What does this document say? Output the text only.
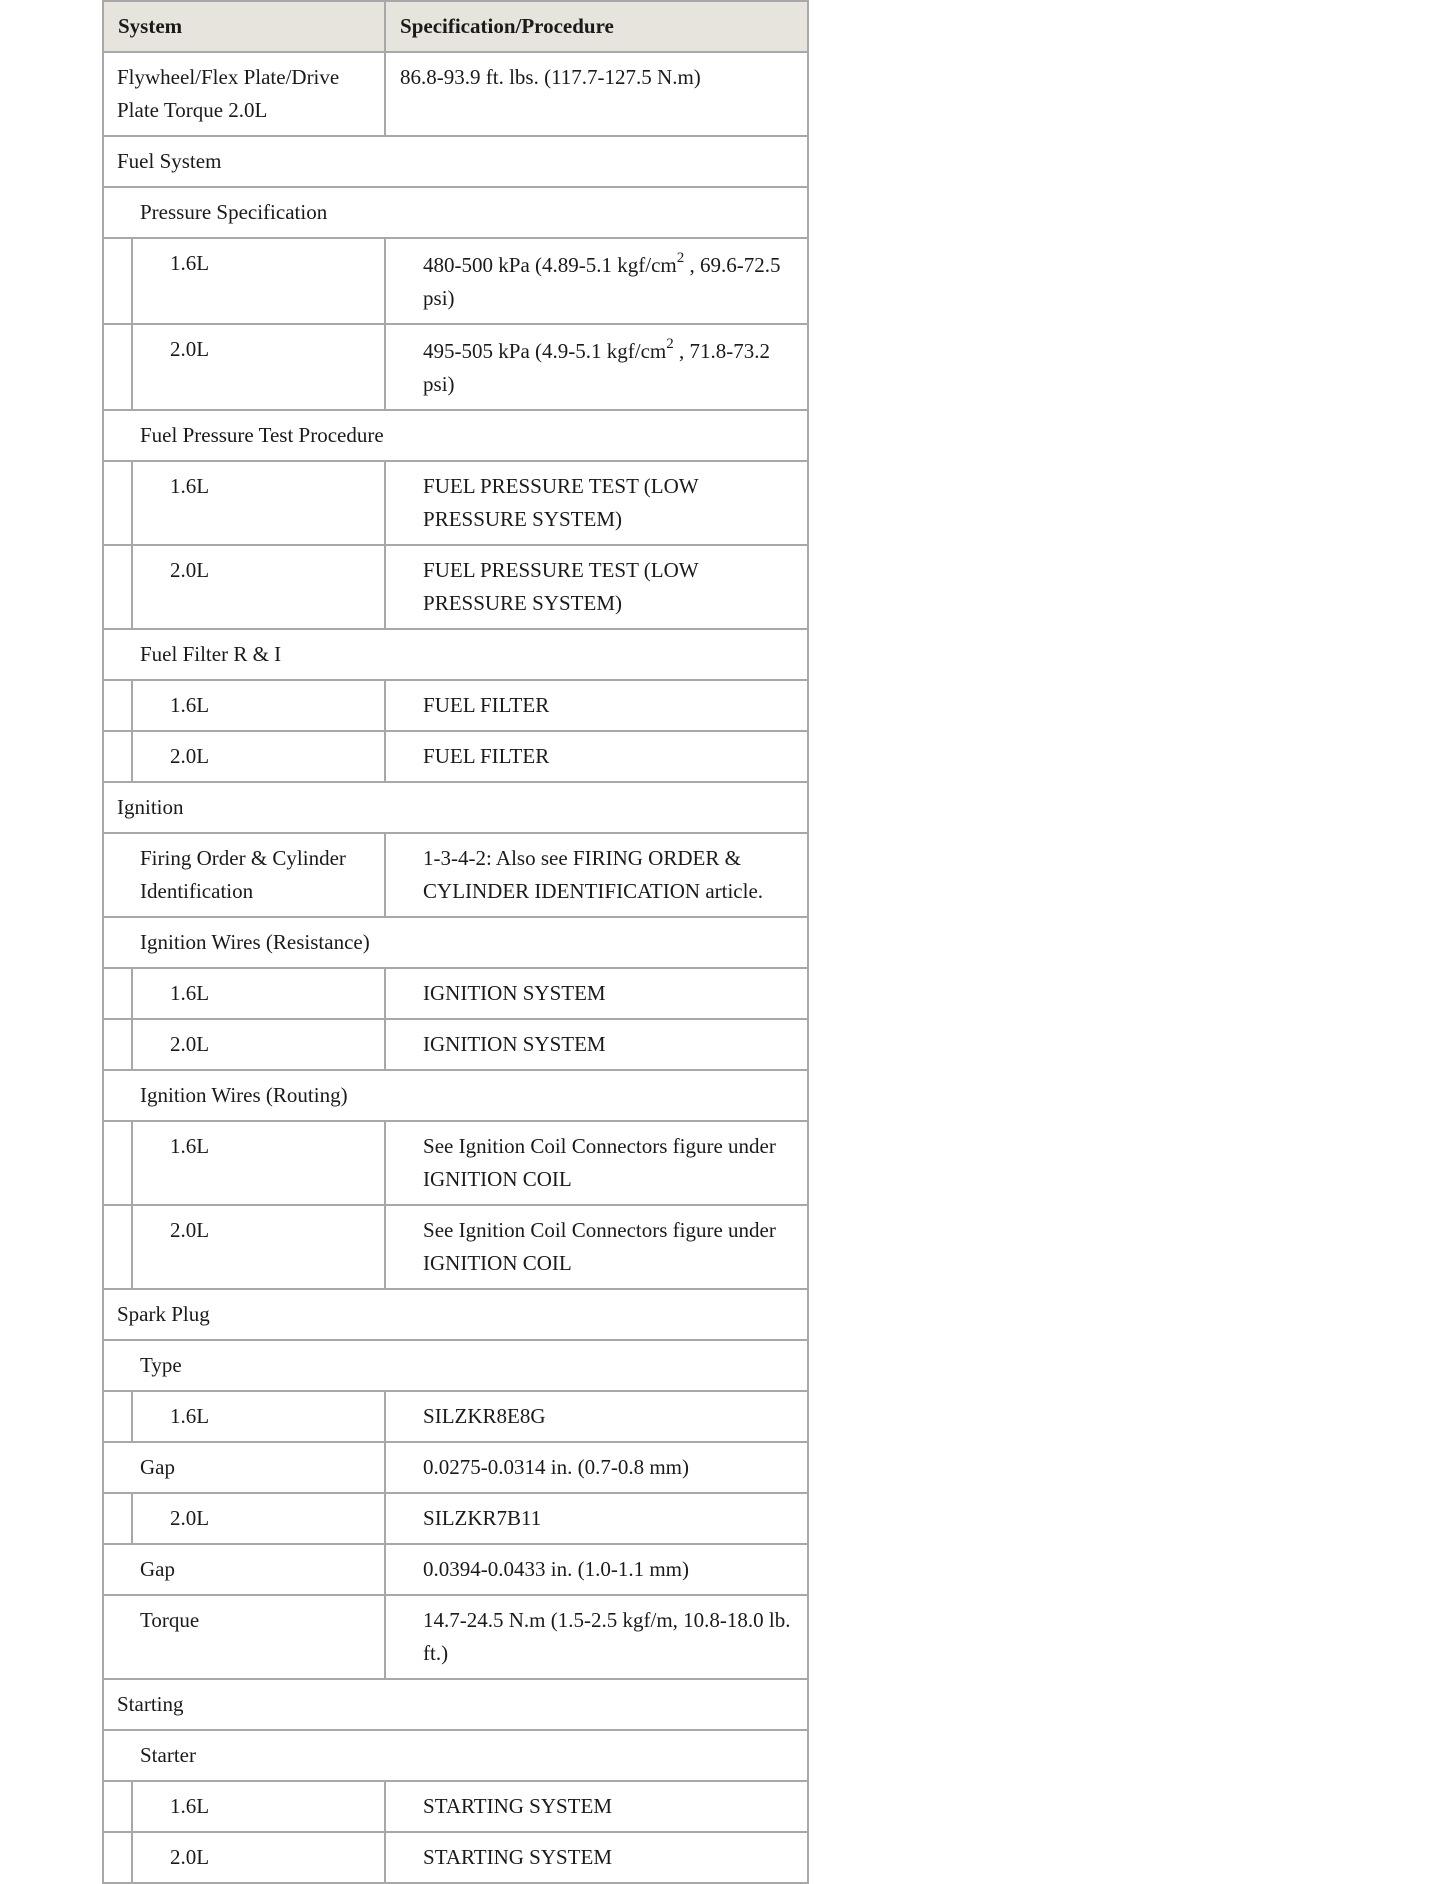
System		Specification/Procedure

Flywheel/Flex Plate/Drive Plate Torque 2.0L		86.8-93.9 ft. lbs. (117.7-127.5 N.m)

Fuel System		

Pressure Specification		

	1.6L	480-500 kPa (4.89-5.1 kgf/$cm^2$ , 69.6-72.5 psi)

	2.0L	495-505 kPa (4.9-5.1 kgf/$cm^2$ , 71.8-73.2 psi)

Fuel Pressure Test Procedure		

	1.6L	FUEL PRESSURE TEST (LOW PRESSURE SYSTEM)

	2.0L	FUEL PRESSURE TEST (LOW PRESSURE SYSTEM)

Fuel Filter R & I		

	1.6L	FUEL FILTER

	2.0L	FUEL FILTER

Ignition		

Firing Order & Cylinder Identification		1-3-4-2: Also see FIRING ORDER & CYLINDER IDENTIFICATION article.

Ignition Wires (Resistance)		

	1.6L	IGNITION SYSTEM

	2.0L	IGNITION SYSTEM

Ignition Wires (Routing)		

	1.6L	See Ignition Coil Connectors figure under IGNITION COIL

	2.0L	See Ignition Coil Connectors figure under IGNITION COIL

Spark Plug		

Type		

	1.6L	SILZKR8E8G

Gap		0.0275-0.0314 in. (0.7-0.8 mm)

	2.0L	SILZKR7B11

Gap		0.0394-0.0433 in. (1.0-1.1 mm)

Torque		14.7-24.5 N.m (1.5-2.5 kgf/m, 10.8-18.0 lb. ft.)

Starting		

Starter		

	1.6L	STARTING SYSTEM

	2.0L	STARTING SYSTEM
